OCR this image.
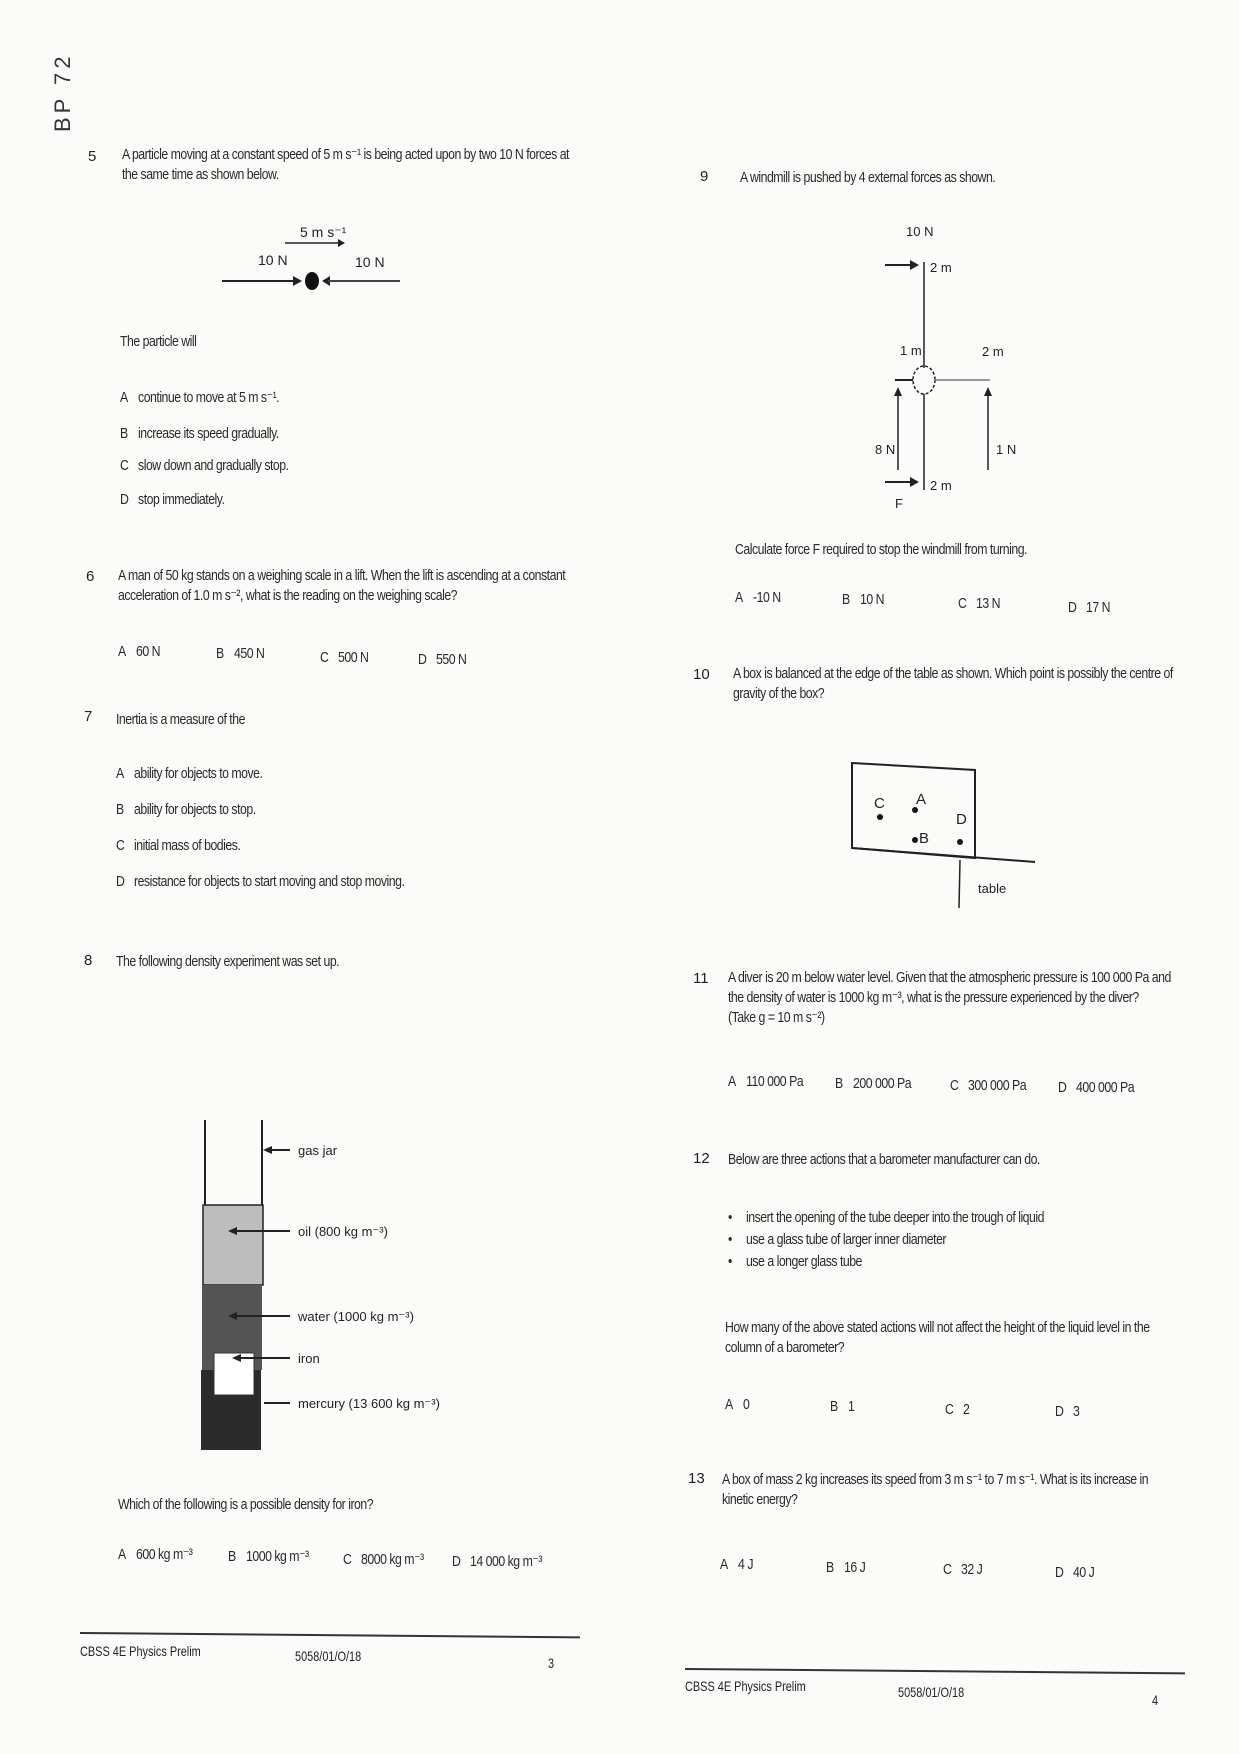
BP 72
5 A particle moving at a constant speed of 5 m s⁻¹ is being acted upon by two 10 N forces at
the same time as shown below.
5 m s⁻¹
10 N	10 N
The particle will
A continue to move at 5 m s⁻¹.
B increase its speed gradually.
C slow down and gradually stop.
D stop immediately.
6 A man of 50 kg stands on a weighing scale in a lift. When the lift is ascending at a constant
acceleration of 1.0 m s⁻², what is the reading on the weighing scale?
A 60 N	B 450 N	C 500 N	D 550 N
7 Inertia is a measure of the
A ability for objects to move.
B ability for objects to stop.
C initial mass of bodies.
D resistance for objects to start moving and stop moving.
8 The following density experiment was set up.
gas jar
oil (800 kg m⁻³)
water (1000 kg m⁻³)
iron
mercury (13 600 kg m⁻³)
Which of the following is a possible density for iron?
A 600 kg m⁻³ B 1000 kg m⁻³ C 8000 kg m⁻³ D 14 000 kg m⁻³
CBSS 4E Physics Prelim	5058/01/O/18	3
9 A windmill is pushed by 4 external forces as shown.
10 N
2 m
1 m	2 m
8 N	1 N
2 m
F
Calculate force F required to stop the windmill from turning.
A -10 N	B 10 N	C 13 N	D 17 N
10 A box is balanced at the edge of the table as shown. Which point is possibly the centre of
gravity of the box?
C A
B
D
table
11 A diver is 20 m below water level. Given that the atmospheric pressure is 100 000 Pa and
the density of water is 1000 kg m⁻³, what is the pressure experienced by the diver?
(Take g = 10 m s⁻²)
A 110 000 Pa B 200 000 Pa	C 300 000 Pa D 400 000 Pa
12 Below are three actions that a barometer manufacturer can do.
• insert the opening of the tube deeper into the trough of liquid
• use a glass tube of larger inner diameter
• use a longer glass tube
How many of the above stated actions will not affect the height of the liquid level in the
column of a barometer?
A 0	B 1	C 2	D 3
13 A box of mass 2 kg increases its speed from 3 m s⁻¹ to 7 m s⁻¹. What is its increase in
kinetic energy?
A 4 J	B 16 J	C 32 J	D 40 J
CBSS 4E Physics Prelim	5058/01/O/18	4
